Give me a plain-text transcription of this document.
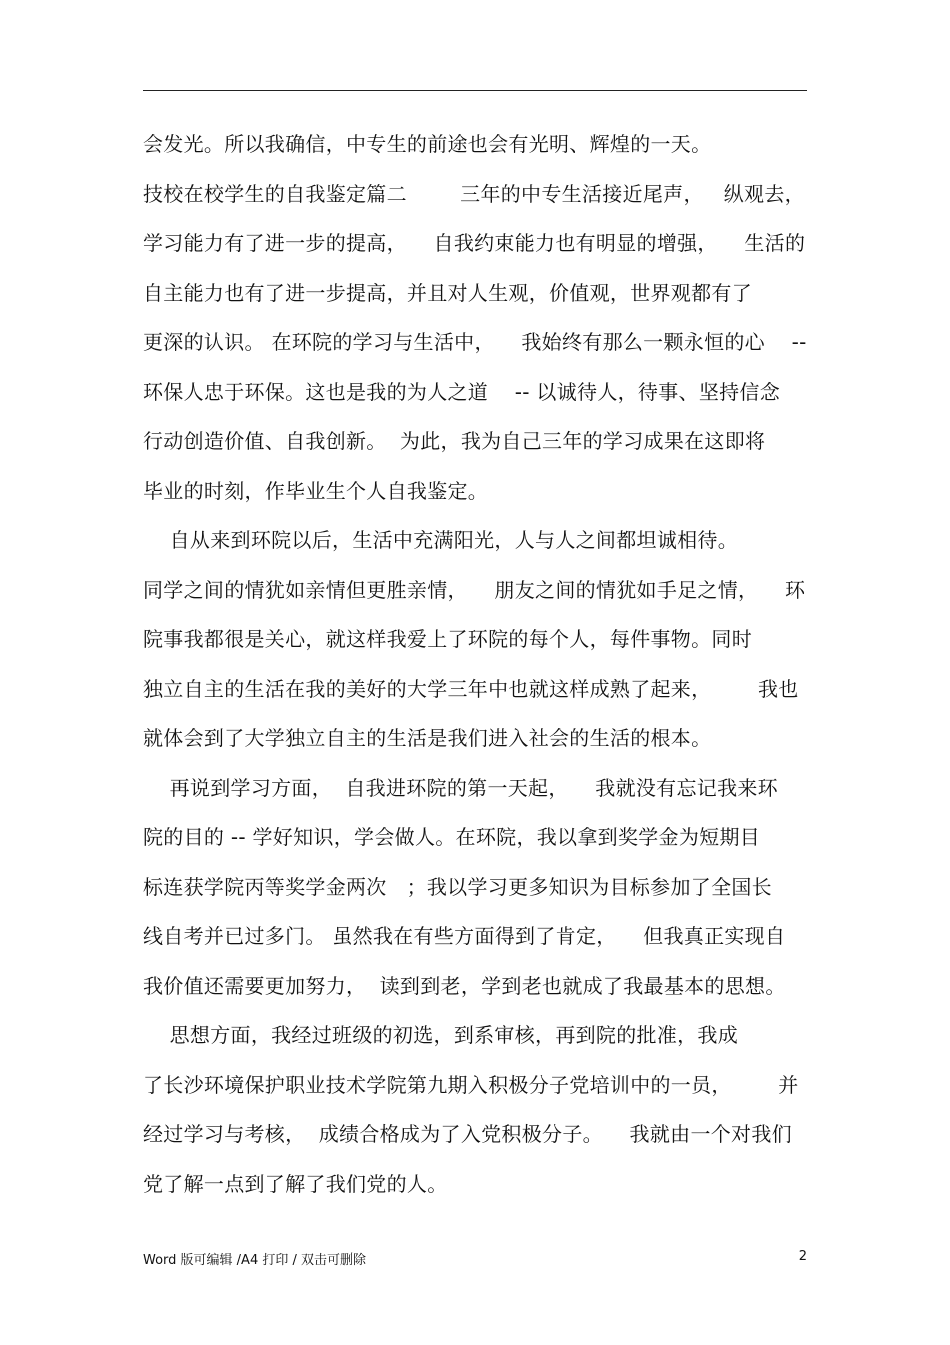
会发光。所以我确信，中专生的前途也会有光明、辉煌的一天。
技校在校学生的自我鉴定篇二        三年的中专生活接近尾声，   纵观去，
学习能力有了进一步的提高，    自我约束能力也有明显的增强，    生活的
自主能力也有了进一步提高，并且对人生观，价值观，世界观都有了
更深的认识。 在环院的学习与生活中，    我始终有那么一颗永恒的心    --
环保人忠于环保。这也是我的为人之道    -- 以诚待人，待事、坚持信念
行动创造价值、自我创新。  为此，我为自己三年的学习成果在这即将
毕业的时刻，作毕业生个人自我鉴定。
自从来到环院以后，生活中充满阳光，人与人之间都坦诚相待。
同学之间的情犹如亲情但更胜亲情，    朋友之间的情犹如手足之情，    环
院事我都很是关心，就这样我爱上了环院的每个人，每件事物。同时
独立自主的生活在我的美好的大学三年中也就这样成熟了起来，       我也
就体会到了大学独立自主的生活是我们进入社会的生活的根本。
再说到学习方面，  自我进环院的第一天起，    我就没有忘记我来环
院的目的 -- 学好知识，学会做人。在环院，我以拿到奖学金为短期目
标连获学院丙等奖学金两次   ；我以学习更多知识为目标参加了全国长
线自考并已过多门。 虽然我在有些方面得到了肯定，    但我真正实现自
我价值还需要更加努力，  读到到老，学到老也就成了我最基本的思想。
思想方面，我经过班级的初选，到系审核，再到院的批准，我成
了长沙环境保护职业技术学院第九期入积极分子党培训中的一员，       并
经过学习与考核，  成绩合格成为了入党积极分子。    我就由一个对我们
党了解一点到了解了我们党的人。
Word 版可编辑 /A4 打印 / 双击可删除	2
